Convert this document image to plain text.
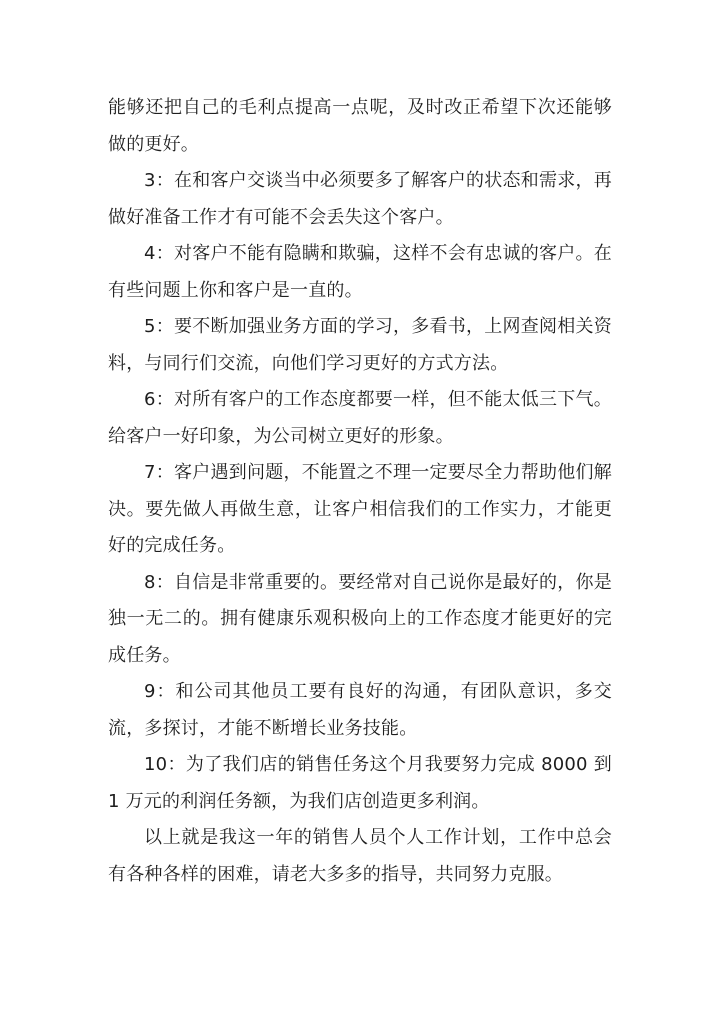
能够还把自己的毛利点提高一点呢，及时改正希望下次还能够做的更好。

3：在和客户交谈当中必须要多了解客户的状态和需求，再做好准备工作才有可能不会丢失这个客户。

4：对客户不能有隐瞒和欺骗，这样不会有忠诚的客户。在有些问题上你和客户是一直的。

5：要不断加强业务方面的学习，多看书，上网查阅相关资料，与同行们交流，向他们学习更好的方式方法。

6：对所有客户的工作态度都要一样，但不能太低三下气。给客户一好印象，为公司树立更好的形象。

7：客户遇到问题，不能置之不理一定要尽全力帮助他们解决。要先做人再做生意，让客户相信我们的工作实力，才能更好的完成任务。

8：自信是非常重要的。要经常对自己说你是最好的，你是独一无二的。拥有健康乐观积极向上的工作态度才能更好的完成任务。

9：和公司其他员工要有良好的沟通，有团队意识，多交流，多探讨，才能不断增长业务技能。

10：为了我们店的销售任务这个月我要努力完成 8000 到 1 万元的利润任务额，为我们店创造更多利润。

以上就是我这一年的销售人员个人工作计划，工作中总会有各种各样的困难，请老大多多的指导，共同努力克服。
